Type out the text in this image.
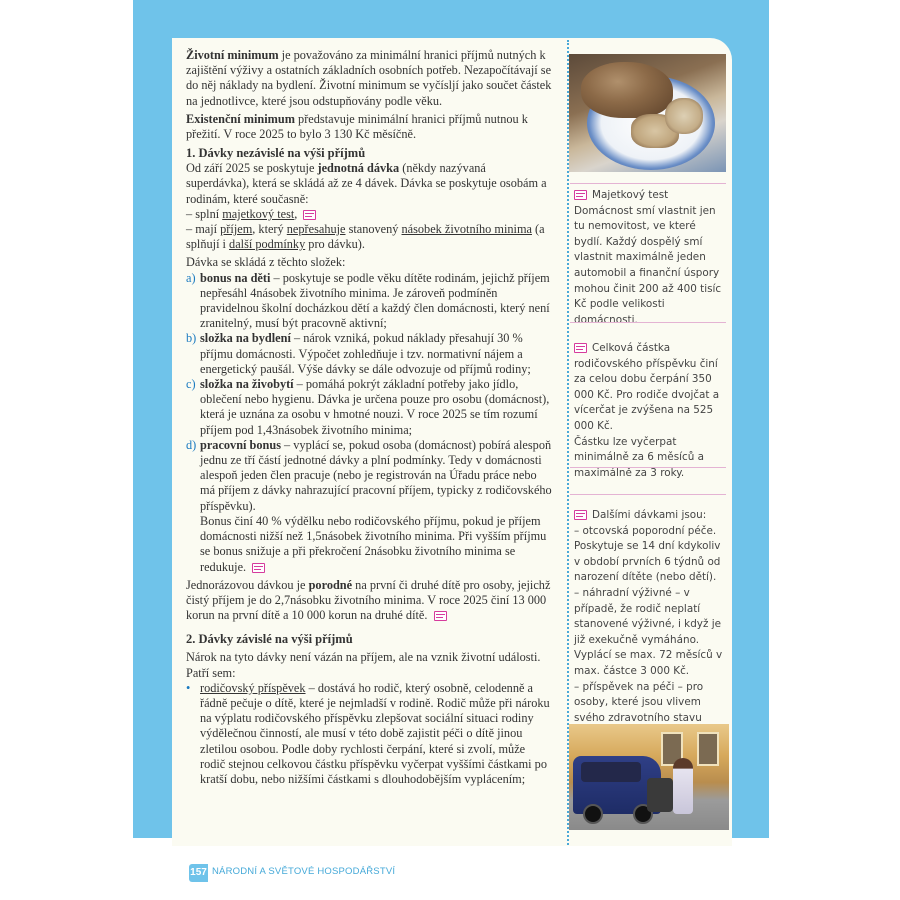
Životní minimum je považováno za minimální hranici příjmů nutných k zajištění výživy a ostatních základních osobních potřeb. Nezapočítávají se do něj náklady na bydlení. Životní minimum se vyčísljí jako součet částek na jednotlivce, které jsou odstupňovány podle věku.

Existenční minimum představuje minimální hranici příjmů nutnou k přežití. V roce 2025 to bylo 3 130 Kč měsíčně.

1. Dávky nezávislé na výši příjmů

Od září 2025 se poskytuje jednotná dávka (někdy nazývaná superdávka), která se skládá až ze 4 dávek. Dávka se poskytuje osobám a rodinám, které současně:

– splní majetkový test,

– mají příjem, který nepřesahuje stanovený násobek životního minima (a splňují i další podmínky pro dávku).

Dávka se skládá z těchto složek:

a) bonus na děti – poskytuje se podle věku dítěte rodinám, jejichž příjem nepřesáhl 4násobek životního minima. Je zároveň podmíněn pravidelnou školní docházkou dětí a každý člen domácnosti, který není zranitelný, musí být pracovně aktivní;
b) složka na bydlení – nárok vzniká, pokud náklady přesahují 30 % příjmu domácnosti. Výpočet zohledňuje i tzv. normativní nájem a energetický paušál. Výše dávky se dále odvozuje od příjmů rodiny;
c) složka na živobytí – pomáhá pokrýt základní potřeby jako jídlo, oblečení nebo hygienu. Dávka je určena pouze pro osobu (domácnost), která je uznána za osobu v hmotné nouzi. V roce 2025 se tím rozumí příjem pod 1,43násobek životního minima;
d) pracovní bonus – vyplácí se, pokud osoba (domácnost) pobírá alespoň jednu ze tří částí jednotné dávky a plní podmínky. Tedy v domácnosti alespoň jeden člen pracuje (nebo je registrován na Úřadu práce nebo má příjem z dávky nahrazující pracovní příjem, typicky z rodičovského příspěvku).
Bonus činí 40 % výdělku nebo rodičovského příjmu, pokud je příjem domácnosti nižší než 1,5násobek životního minima. Při vyšším příjmu se bonus snižuje a při překročení 2násobku životního minima se redukuje.

Jednorázovou dávkou je porodné na první či druhé dítě pro osoby, jejichž čistý příjem je do 2,7násobku životního minima. V roce 2025 činí 13 000 korun na první dítě a 10 000 korun na druhé dítě.

2. Dávky závislé na výši příjmů

Nárok na tyto dávky není vázán na příjem, ale na vznik životní události. Patří sem:

• rodičovský příspěvek – dostává ho rodič, který osobně, celodenně a řádně pečuje o dítě, které je nejmladší v rodině. Rodič může při nároku na výplatu rodičovského příspěvku zlepšovat sociální situaci rodiny výdělečnou činností, ale musí v této době zajistit péči o dítě jinou zletilou osobou. Podle doby rychlosti čerpání, které si zvolí, může rodič stejnou celkovou částku příspěvku vyčerpat vyššími částkami po kratší dobu, nebo nižšími částkami s dlouhodobějším vyplácením;

Majetkový test

Domácnost smí vlastnit jen tu nemovitost, ve které bydlí. Každý dospělý smí vlastnit maximálně jeden automobil a finanční úspory mohou činit 200 až 400 tisíc Kč podle velikosti domácnosti.

Celková částka rodičovského příspěvku činí za celou dobu čerpání 350 000 Kč. Pro rodiče dvojčat a vícerčat je zvýšena na 525 000 Kč.

Částku lze vyčerpat minimálně za 6 měsíců a maximálně za 3 roky.

Dalšími dávkami jsou:

– otcovská poporodní péče. Poskytuje se 14 dní kdykoliv v období prvních 6 týdnů od narození dítěte (nebo dětí).

– náhradní výživné – v případě, že rodič neplatí stanovené výživné, i když je již exekučně vymáháno. Vyplácí se max. 72 měsíců v max. částce 3 000 Kč.

– příspěvek na péči – pro osoby, které jsou vlivem svého zdravotního stavu

157 NÁRODNÍ A SVĚTOVÉ HOSPODÁŘSTVÍ
